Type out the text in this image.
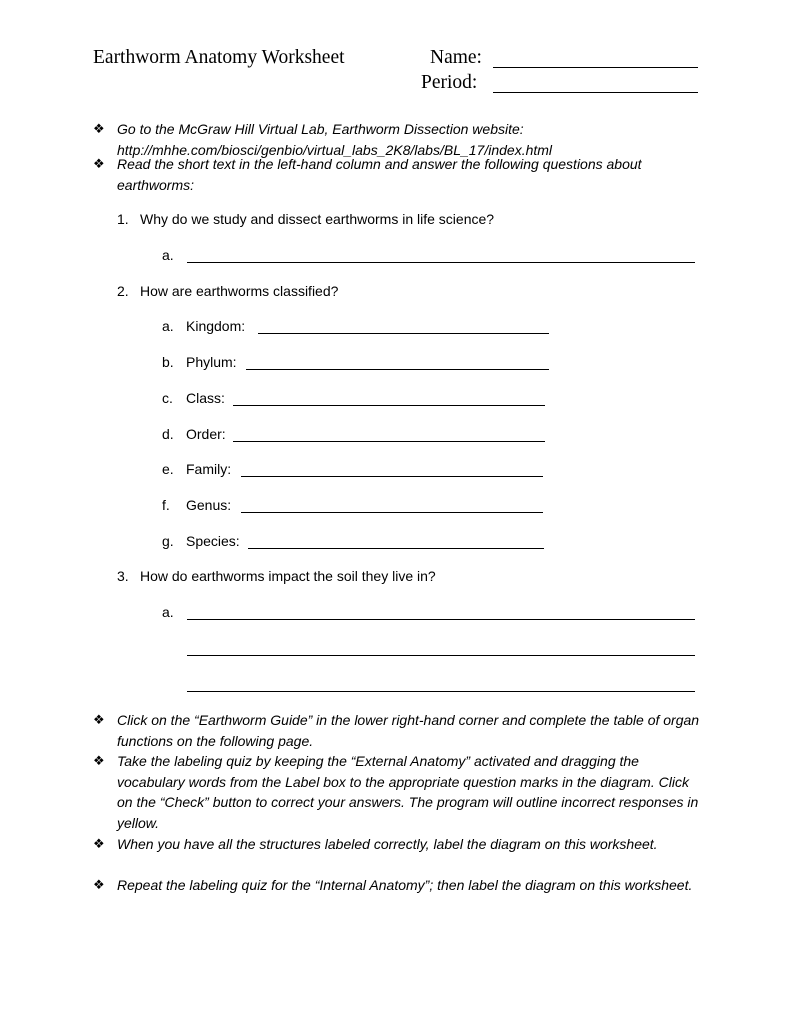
Earthworm Anatomy Worksheet	Name:
Period:
❖ Go to the McGraw Hill Virtual Lab, Earthworm Dissection website: http://mhhe.com/biosci/genbio/virtual_labs_2K8/labs/BL_17/index.html
❖ Read the short text in the left-hand column and answer the following questions about earthworms:
1. Why do we study and dissect earthworms in life science?
a.
2. How are earthworms classified?
a. Kingdom:
b. Phylum:
c. Class:
d. Order:
e. Family:
f. Genus:
g. Species:
3. How do earthworms impact the soil they live in?
a.
❖ Click on the “Earthworm Guide” in the lower right-hand corner and complete the table of organ functions on the following page.
❖ Take the labeling quiz by keeping the “External Anatomy” activated and dragging the vocabulary words from the Label box to the appropriate question marks in the diagram. Click on the “Check” button to correct your answers. The program will outline incorrect responses in yellow.
❖ When you have all the structures labeled correctly, label the diagram on this worksheet.
❖ Repeat the labeling quiz for the “Internal Anatomy”; then label the diagram on this worksheet.
